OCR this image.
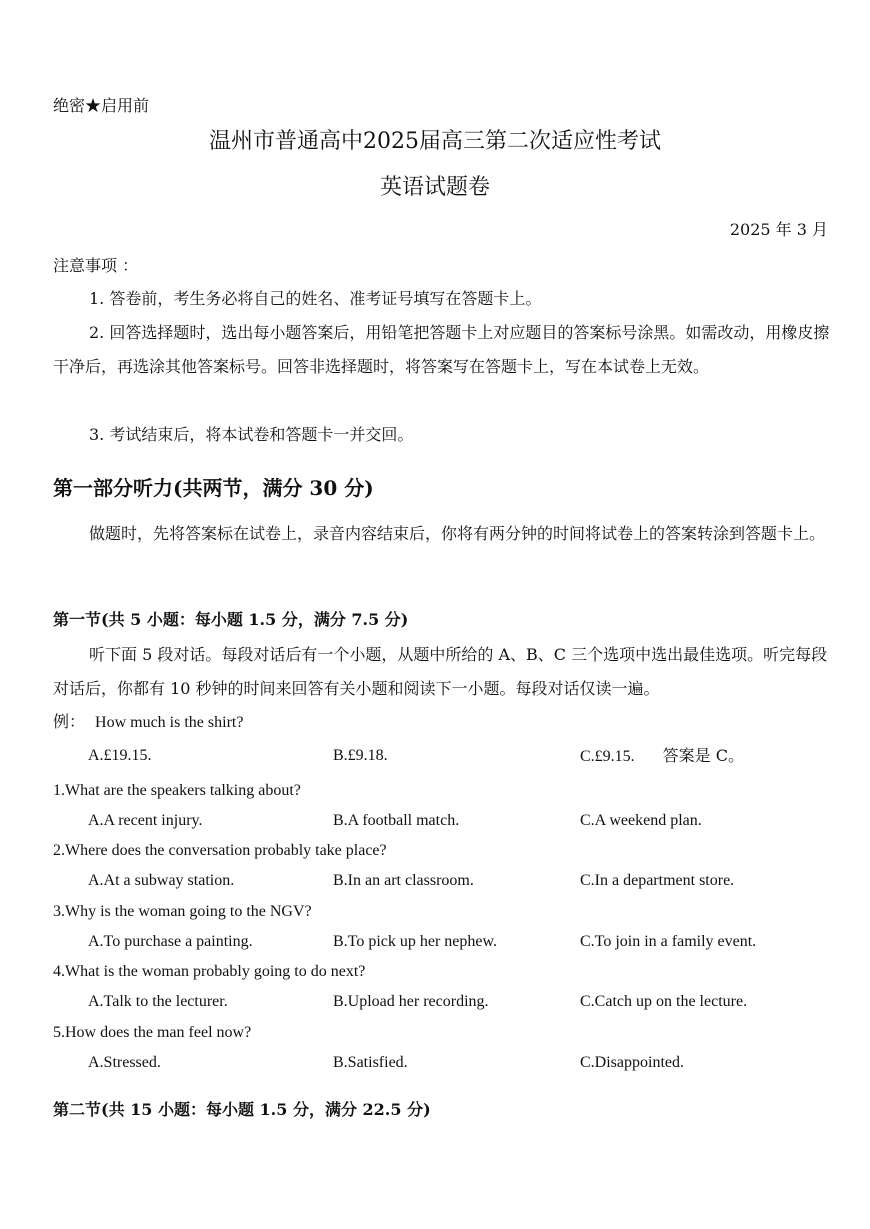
绝密★启用前
温州市普通高中2025届高三第二次适应性考试
英语试题卷
2025 年 3 月
注意事项 ：
1. 答卷前，考生务必将自己的姓名、准考证号填写在答题卡上。
2. 回答选择题时，选出每小题答案后，用铅笔把答题卡上对应题目的答案标号涂黑。如需改动，用橡皮擦干净后，再选涂其他答案标号。回答非选择题时，将答案写在答题卡上，写在本试卷上无效。
3. 考试结束后，将本试卷和答题卡一并交回。
第一部分听力(共两节，满分 30 分)
做题时，先将答案标在试卷上，录音内容结束后，你将有两分钟的时间将试卷上的答案转涂到答题卡上。
第一节(共 5 小题：每小题 1.5 分，满分 7.5 分)
听下面 5 段对话。每段对话后有一个小题，从题中所给的 A、B、C 三个选项中选出最佳选项。听完每段对话后，你都有 10 秒钟的时间来回答有关小题和阅读下一小题。每段对话仅读一遍。
例： How much is the shirt?
A.£19.15.	B.£9.18.	C.£9.15. 答案是 C。
1.What are the speakers talking about?
A.A recent injury.	B.A football match.	C.A weekend plan.
2.Where does the conversation probably take place?
A.At a subway station.	B.In an art classroom.	C.In a department store.
3.Why is the woman going to the NGV?
A.To purchase a painting.	B.To pick up her nephew.	C.To join in a family event.
4.What is the woman probably going to do next?
A.Talk to the lecturer.	B.Upload her recording.	C.Catch up on the lecture.
5.How does the man feel now?
A.Stressed.	B.Satisfied.	C.Disappointed.
第二节(共 15 小题：每小题 1.5 分，满分 22.5 分)
